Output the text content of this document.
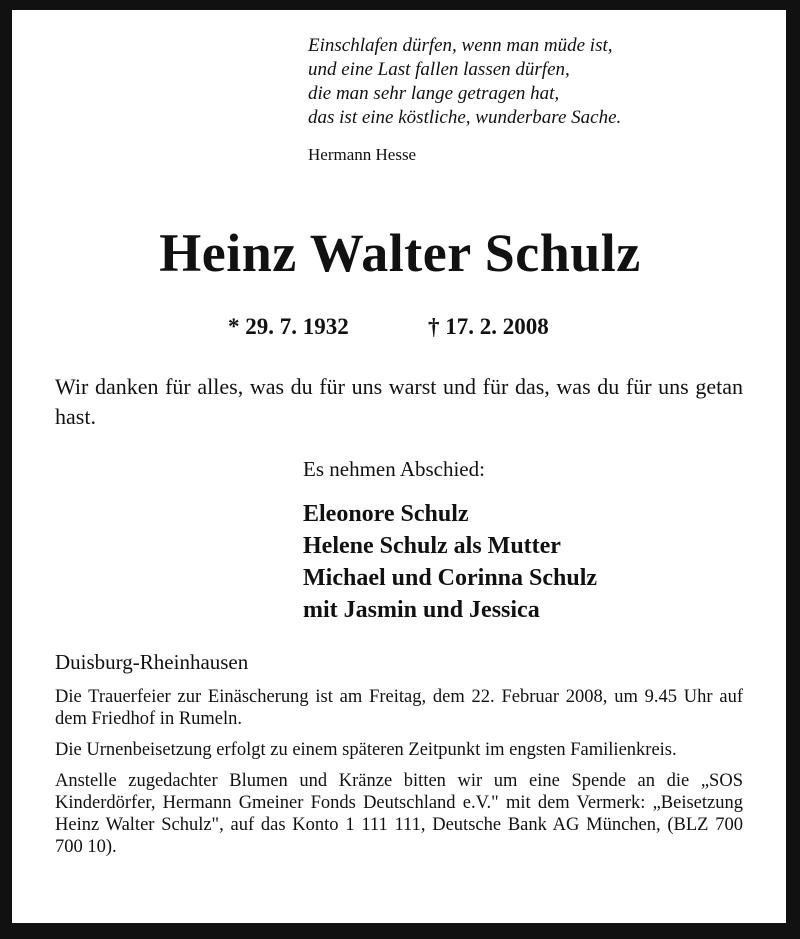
Einschlafen dürfen, wenn man müde ist,
und eine Last fallen lassen dürfen,
die man sehr lange getragen hat,
das ist eine köstliche, wunderbare Sache.
Hermann Hesse
Heinz Walter Schulz
* 29. 7. 1932	† 17. 2. 2008
Wir danken für alles, was du für uns warst und für das, was du für uns getan hast.
Es nehmen Abschied:
Eleonore Schulz
Helene Schulz als Mutter
Michael und Corinna Schulz
mit Jasmin und Jessica
Duisburg-Rheinhausen
Die Trauerfeier zur Einäscherung ist am Freitag, dem 22. Februar 2008, um 9.45 Uhr auf dem Friedhof in Rumeln.
Die Urnenbeisetzung erfolgt zu einem späteren Zeitpunkt im engsten Familienkreis.
Anstelle zugedachter Blumen und Kränze bitten wir um eine Spende an die „SOS Kinderdörfer, Hermann Gmeiner Fonds Deutschland e.V." mit dem Vermerk: „Beisetzung Heinz Walter Schulz", auf das Konto 1 111 111, Deutsche Bank AG München, (BLZ 700 700 10).
